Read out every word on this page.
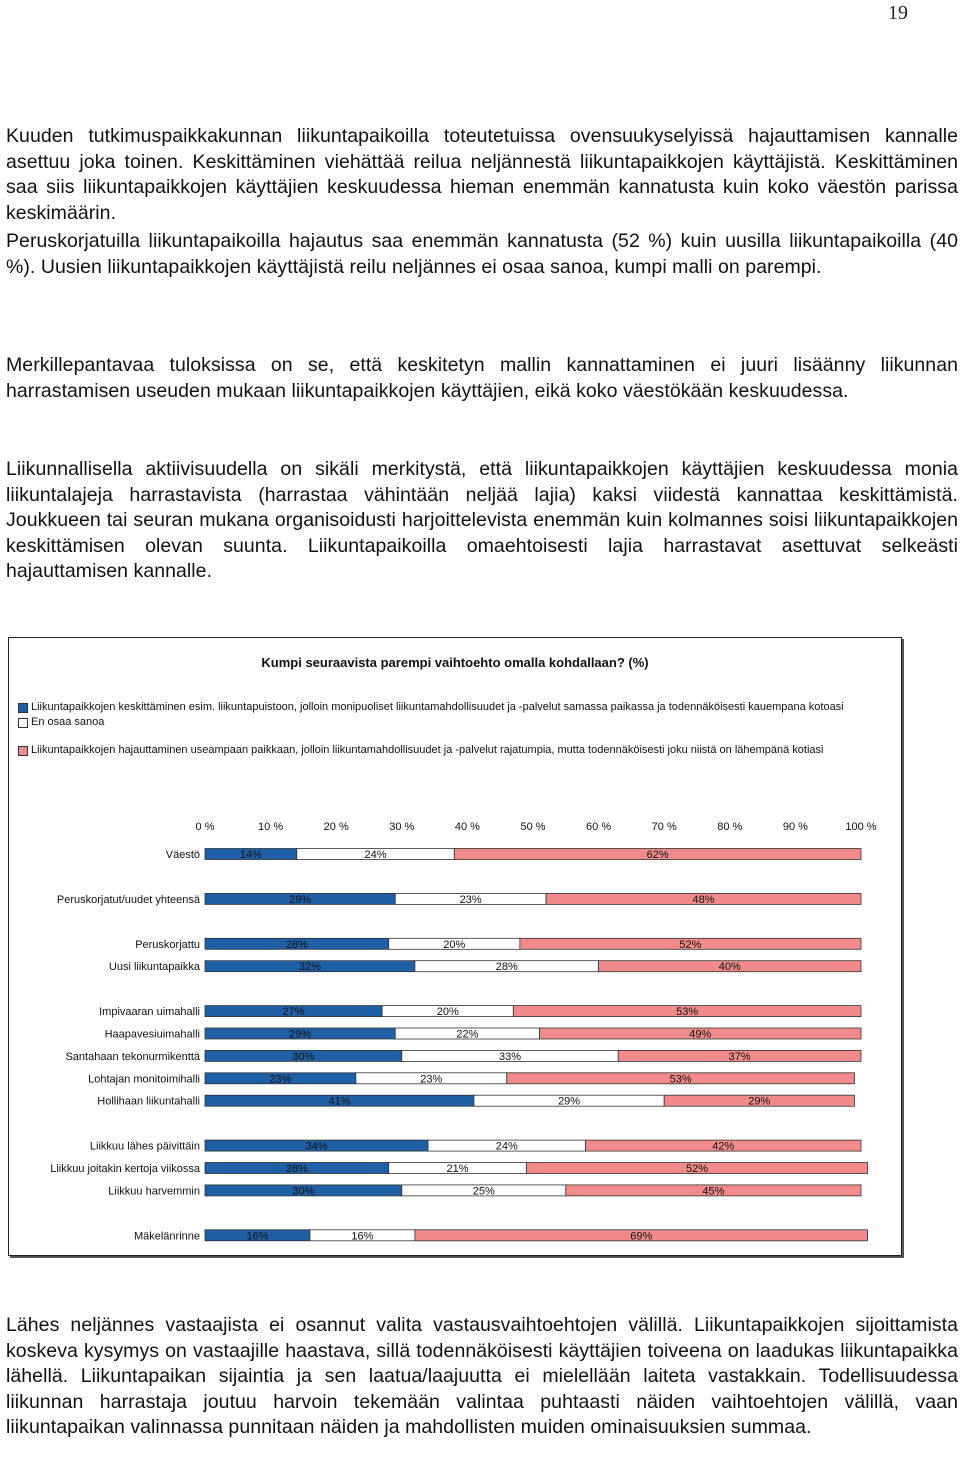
19

Kuuden tutkimuspaikkakunnan liikuntapaikoilla toteutetuissa ovensuukyselyissä hajauttamisen kannalle asettuu joka toinen. Keskittäminen viehättää reilua neljännestä liikuntapaikkojen käyttäjistä. Keskittäminen saa siis liikuntapaikkojen käyttäjien keskuudessa hieman enemmän kannatusta kuin koko väestön parissa keskimäärin.

Peruskorjatuilla liikuntapaikoilla hajautus saa enemmän kannatusta (52 %) kuin uusilla liikuntapaikoilla (40 %). Uusien liikuntapaikkojen käyttäjistä reilu neljännes ei osaa sanoa, kumpi malli on parempi.

Merkillepantavaa tuloksissa on se, että keskitetyn mallin kannattaminen ei juuri lisäänny liikunnan harrastamisen useuden mukaan liikuntapaikkojen käyttäjien, eikä koko väestökään keskuudessa.

Liikunnallisella aktiivisuudella on sikäli merkitystä, että liikuntapaikkojen käyttäjien keskuudessa monia liikuntalajeja harrastavista (harrastaa vähintään neljää lajia) kaksi viidestä kannattaa keskittämistä. Joukkueen tai seuran mukana organisoidusti harjoittelevista enemmän kuin kolmannes soisi liikuntapaikkojen keskittämisen olevan suunta. Liikuntapaikoilla omaehtoisesti lajia harrastavat asettuvat selkeästi hajauttamisen kannalle.

Kumpi seuraavista parempi vaihtoehto omalla kohdallaan? (%)
Liikuntapaikkojen keskittäminen esim. liikuntapuistoon, jolloin monipuoliset liikuntamahdollisuudet ja -palvelut samassa paikassa ja todennäköisesti kauempana kotoasi
En osaa sanoa
Liikuntapaikkojen hajauttaminen useampaan paikkaan, jolloin liikuntamahdollisuudet ja -palvelut rajatumpia, mutta todennäköisesti joku niistä on lähempänä kotiasi
0 %	10 %	20 %	30 %	40 %	50 %	60 %	70 %	80 %	90 %	100 %
Väestö	14%	24%	62%
Peruskorjatut/uudet yhteensä	29%	23%	48%
Peruskorjattu	28%	20%	52%
Uusi liikuntapaikka	32%	28%	40%
Impivaaran uimahalli	27%	20%	53%
Haapavesiuimahalli	29%	22%	49%
Santahaan tekonurmikenttä	30%	33%	37%
Lohtajan monitoimihalli	23%	23%	53%
Hollihaan liikuntahalli	41%	29%	29%
Liikkuu lähes päivittäin	34%	24%	42%
Liikkuu joitakin kertoja viikossa	28%	21%	52%
Liikkuu harvemmin	30%	25%	45%
Mäkelänrinne	16%	16%	69%

Lähes neljännes vastaajista ei osannut valita vastausvaihtoehtojen välillä. Liikuntapaikkojen sijoittamista koskeva kysymys on vastaajille haastava, sillä todennäköisesti käyttäjien toiveena on laadukas liikuntapaikka lähellä. Liikuntapaikan sijaintia ja sen laatua/laajuutta ei mielellään laiteta vastakkain. Todellisuudessa liikunnan harrastaja joutuu harvoin tekemään valintaa puhtaasti näiden vaihtoehtojen välillä, vaan liikuntapaikan valinnassa punnitaan näiden ja mahdollisten muiden ominaisuuksien summaa.
